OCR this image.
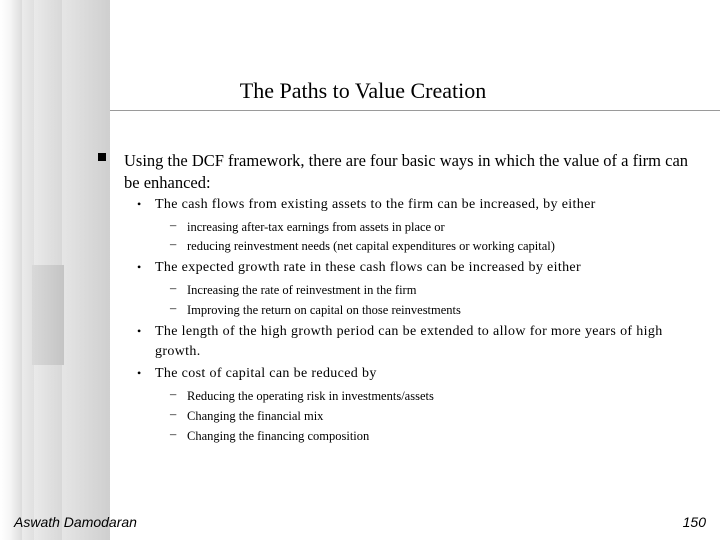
The Paths to Value Creation
Using the DCF framework, there are four basic ways in which the value of a firm can be enhanced:
• The cash flows from existing assets to the firm can be increased, by either
– increasing after-tax earnings from assets in place or
– reducing reinvestment needs (net capital expenditures or working capital)
• The expected growth rate in these cash flows can be increased by either
– Increasing the rate of reinvestment in the firm
– Improving the return on capital on those reinvestments
• The length of the high growth period can be extended to allow for more years of high growth.
• The cost of capital can be reduced by
– Reducing the operating risk in investments/assets
– Changing the financial mix
– Changing the financing composition
Aswath Damodaran	150
